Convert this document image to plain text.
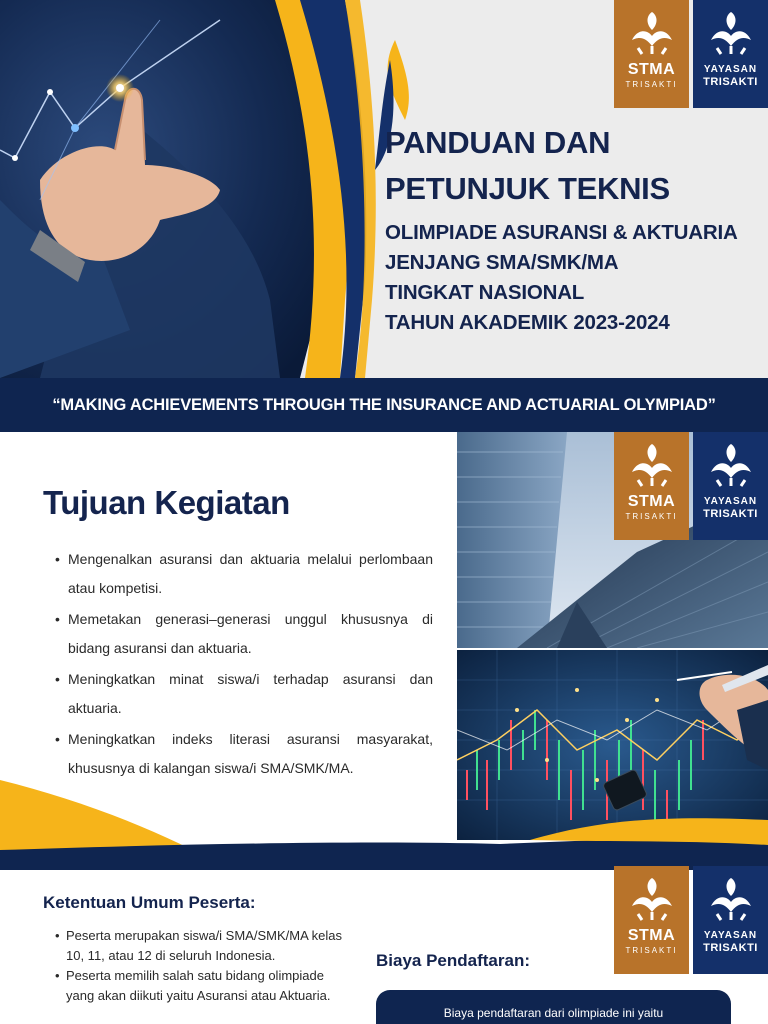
STMA
TRISAKTI
YAYASAN
TRISAKTI
PANDUAN DAN
PETUNJUK TEKNIS
OLIMPIADE ASURANSI & AKTUARIA
JENJANG SMA/SMK/MA
TINGKAT NASIONAL
TAHUN AKADEMIK 2023-2024
“MAKING ACHIEVEMENTS THROUGH THE INSURANCE AND ACTUARIAL OLYMPIAD”
Tujuan Kegiatan
• Mengenalkan asuransi dan aktuaria melalui perlombaan atau kompetisi.
• Memetakan generasi–generasi unggul khususnya di bidang asuransi dan aktuaria.
• Meningkatkan minat siswa/i terhadap asuransi dan aktuaria.
• Meningkatkan indeks literasi asuransi masyarakat, khususnya di kalangan siswa/i SMA/SMK/MA.
STMA
TRISAKTI
YAYASAN
TRISAKTI
Ketentuan Umum Peserta:
• Peserta merupakan siswa/i SMA/SMK/MA kelas 10, 11, atau 12 di seluruh Indonesia.
• Peserta memilih salah satu bidang olimpiade yang akan diikuti yaitu Asuransi atau Aktuaria.
STMA
TRISAKTI
YAYASAN
TRISAKTI
Biaya Pendaftaran:
Biaya pendaftaran dari olimpiade ini yaitu
